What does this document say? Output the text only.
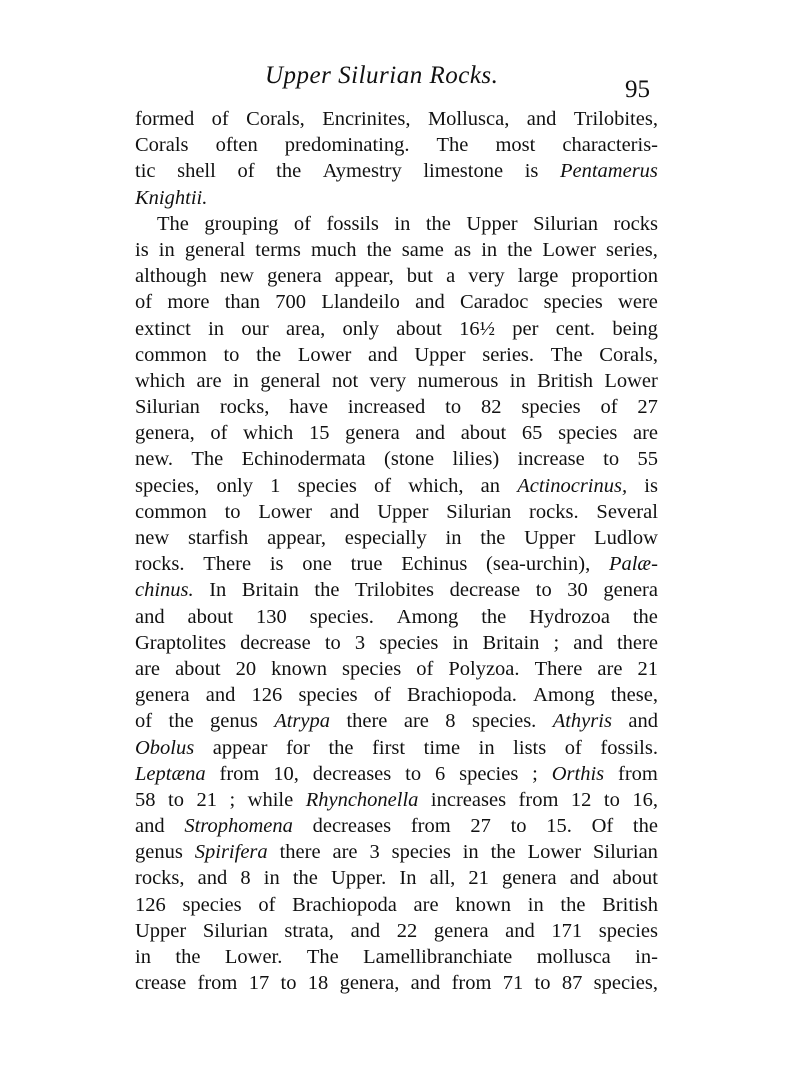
Upper Silurian Rocks.
95
formed of Corals, Encrinites, Mollusca, and Trilobites,
Corals often predominating. The most characteris-
tic shell of the Aymestry limestone is Pentamerus
Knightii.
The grouping of fossils in the Upper Silurian rocks
is in general terms much the same as in the Lower series,
although new genera appear, but a very large proportion
of more than 700 Llandeilo and Caradoc species were
extinct in our area, only about 16½ per cent. being
common to the Lower and Upper series. The Corals,
which are in general not very numerous in British Lower
Silurian rocks, have increased to 82 species of 27
genera, of which 15 genera and about 65 species are
new. The Echinodermata (stone lilies) increase to 55
species, only 1 species of which, an Actinocrinus, is
common to Lower and Upper Silurian rocks. Several
new starfish appear, especially in the Upper Ludlow
rocks. There is one true Echinus (sea-urchin), Palæ-
chinus. In Britain the Trilobites decrease to 30 genera
and about 130 species. Among the Hydrozoa the
Graptolites decrease to 3 species in Britain ; and there
are about 20 known species of Polyzoa. There are 21
genera and 126 species of Brachiopoda. Among these,
of the genus Atrypa there are 8 species. Athyris and
Obolus appear for the first time in lists of fossils.
Leptæna from 10, decreases to 6 species ; Orthis from
58 to 21 ; while Rhynchonella increases from 12 to 16,
and Strophomena decreases from 27 to 15. Of the
genus Spirifera there are 3 species in the Lower Silurian
rocks, and 8 in the Upper. In all, 21 genera and about
126 species of Brachiopoda are known in the British
Upper Silurian strata, and 22 genera and 171 species
in the Lower. The Lamellibranchiate mollusca in-
crease from 17 to 18 genera, and from 71 to 87 species,
